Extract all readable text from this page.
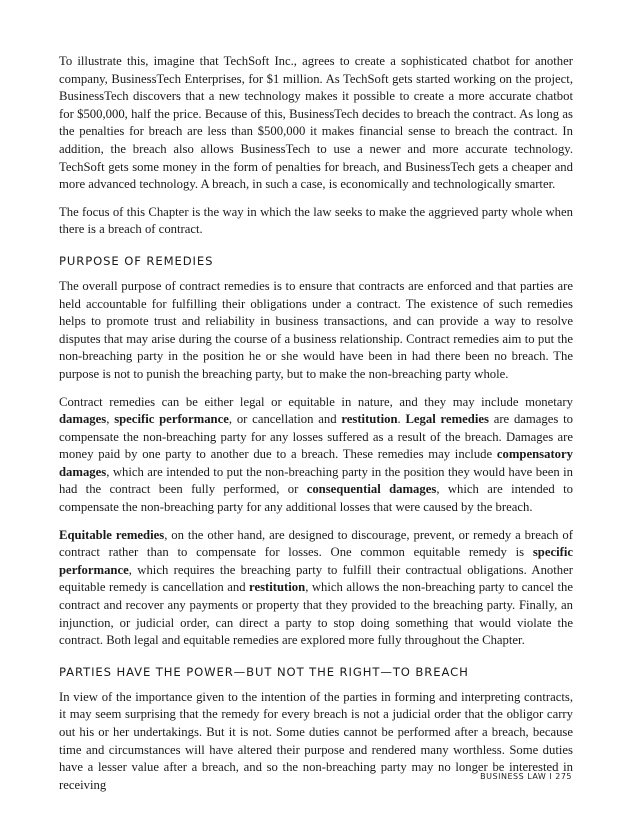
To illustrate this, imagine that TechSoft Inc., agrees to create a sophisticated chatbot for another company, BusinessTech Enterprises, for $1 million. As TechSoft gets started working on the project, BusinessTech discovers that a new technology makes it possible to create a more accurate chatbot for $500,000, half the price. Because of this, BusinessTech decides to breach the contract. As long as the penalties for breach are less than $500,000 it makes financial sense to breach the contract. In addition, the breach also allows BusinessTech to use a newer and more accurate technology. TechSoft gets some money in the form of penalties for breach, and BusinessTech gets a cheaper and more advanced technology. A breach, in such a case, is economically and technologically smarter.

The focus of this Chapter is the way in which the law seeks to make the aggrieved party whole when there is a breach of contract.

PURPOSE OF REMEDIES

The overall purpose of contract remedies is to ensure that contracts are enforced and that parties are held accountable for fulfilling their obligations under a contract. The existence of such remedies helps to promote trust and reliability in business transactions, and can provide a way to resolve disputes that may arise during the course of a business relationship. Contract remedies aim to put the non-breaching party in the position he or she would have been in had there been no breach. The purpose is not to punish the breaching party, but to make the non-breaching party whole.

Contract remedies can be either legal or equitable in nature, and they may include monetary damages, specific performance, or cancellation and restitution. Legal remedies are damages to compensate the non-breaching party for any losses suffered as a result of the breach. Damages are money paid by one party to another due to a breach. These remedies may include compensatory damages, which are intended to put the non-breaching party in the position they would have been in had the contract been fully performed, or consequential damages, which are intended to compensate the non-breaching party for any additional losses that were caused by the breach.

Equitable remedies, on the other hand, are designed to discourage, prevent, or remedy a breach of contract rather than to compensate for losses. One common equitable remedy is specific performance, which requires the breaching party to fulfill their contractual obligations. Another equitable remedy is cancellation and restitution, which allows the non-breaching party to cancel the contract and recover any payments or property that they provided to the breaching party. Finally, an injunction, or judicial order, can direct a party to stop doing something that would violate the contract. Both legal and equitable remedies are explored more fully throughout the Chapter.

PARTIES HAVE THE POWER—BUT NOT THE RIGHT—TO BREACH

In view of the importance given to the intention of the parties in forming and interpreting contracts, it may seem surprising that the remedy for every breach is not a judicial order that the obligor carry out his or her undertakings. But it is not. Some duties cannot be performed after a breach, because time and circumstances will have altered their purpose and rendered many worthless. Some duties have a lesser value after a breach, and so the non-breaching party may no longer be interested in receiving

BUSINESS LAW I 275
